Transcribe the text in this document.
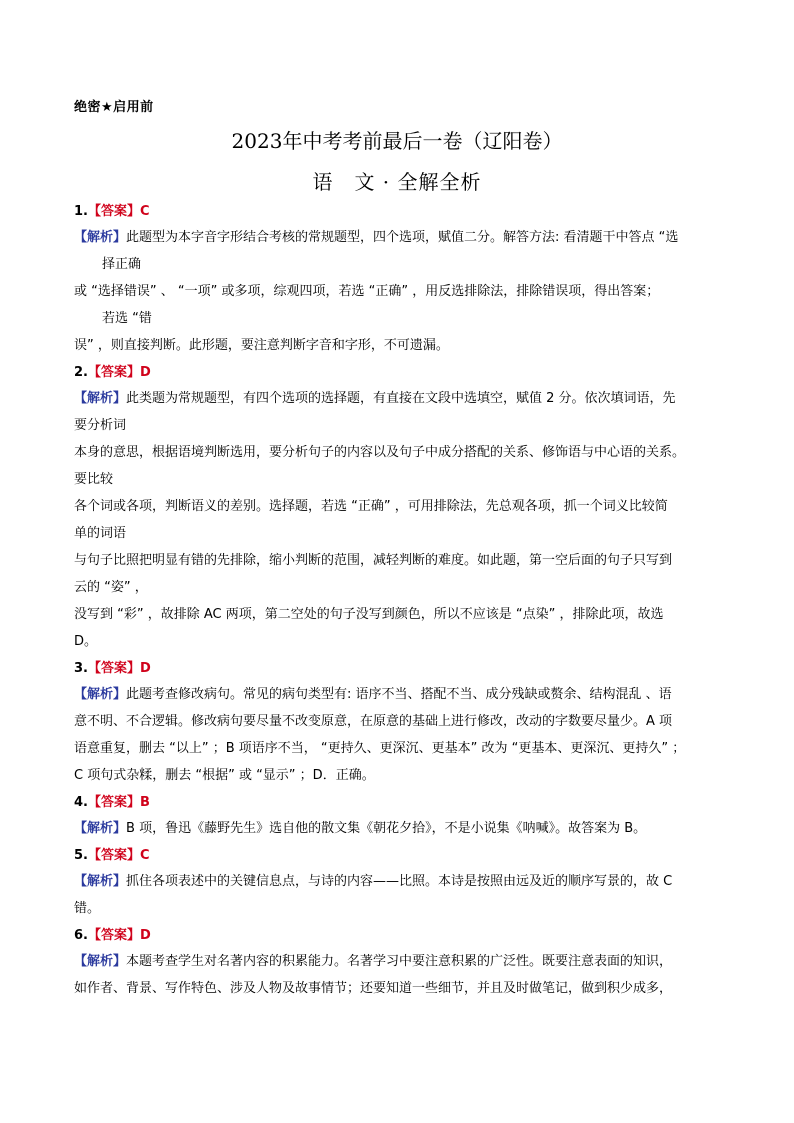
绝密★启用前
2023年中考考前最后一卷（辽阳卷）
语　文 · 全解全析
1.【答案】C
【解析】此题型为本字音字形结合考核的常规题型，四个选项，赋值二分。解答方法: 看清题干中答点 “选
择正确
或 “选择错误” 、 “一项” 或多项，综观四项，若选 “正确” ，用反选排除法，排除错误项，得出答案；
若选 “错
误” ，则直接判断。此形题，要注意判断字音和字形，不可遗漏。
2.【答案】D
【解析】此类题为常规题型，有四个选项的选择题，有直接在文段中选填空，赋值 2 分。依次填词语，先
要分析词
本身的意思，根据语境判断选用，要分析句子的内容以及句子中成分搭配的关系、修饰语与中心语的关系。
要比较
各个词或各项，判断语义的差别。选择题，若选 “正确” ，可用排除法，先总观各项，抓一个词义比较简
单的词语
与句子比照把明显有错的先排除，缩小判断的范围，减轻判断的难度。如此题，第一空后面的句子只写到
云的 “姿” ，
没写到 “彩” ，故排除 AC 两项，第二空处的句子没写到颜色，所以不应该是 “点染” ，排除此项，故选
D。
3.【答案】D
【解析】此题考查修改病句。常见的病句类型有: 语序不当、搭配不当、成分残缺或赘余、结构混乱 、语
意不明、不合逻辑。修改病句要尽量不改变原意，在原意的基础上进行修改，改动的字数要尽量少。A 项
语意重复，删去 “以上” ；B 项语序不当， “更持久、更深沉、更基本” 改为 “更基本、更深沉、更持久” ；
C 项句式杂糅，删去 “根据” 或 “显示” ；D．正确。
4.【答案】B
【解析】B 项，鲁迅《藤野先生》选自他的散文集《朝花夕拾》，不是小说集《呐喊》。故答案为 B。
5.【答案】C
【解析】抓住各项表述中的关键信息点，与诗的内容——比照。本诗是按照由远及近的顺序写景的，故 C
错。
6.【答案】D
【解析】本题考查学生对名著内容的积累能力。名著学习中要注意积累的广泛性。既要注意表面的知识，
如作者、背景、写作特色、涉及人物及故事情节；还要知道一些细节，并且及时做笔记，做到积少成多，
